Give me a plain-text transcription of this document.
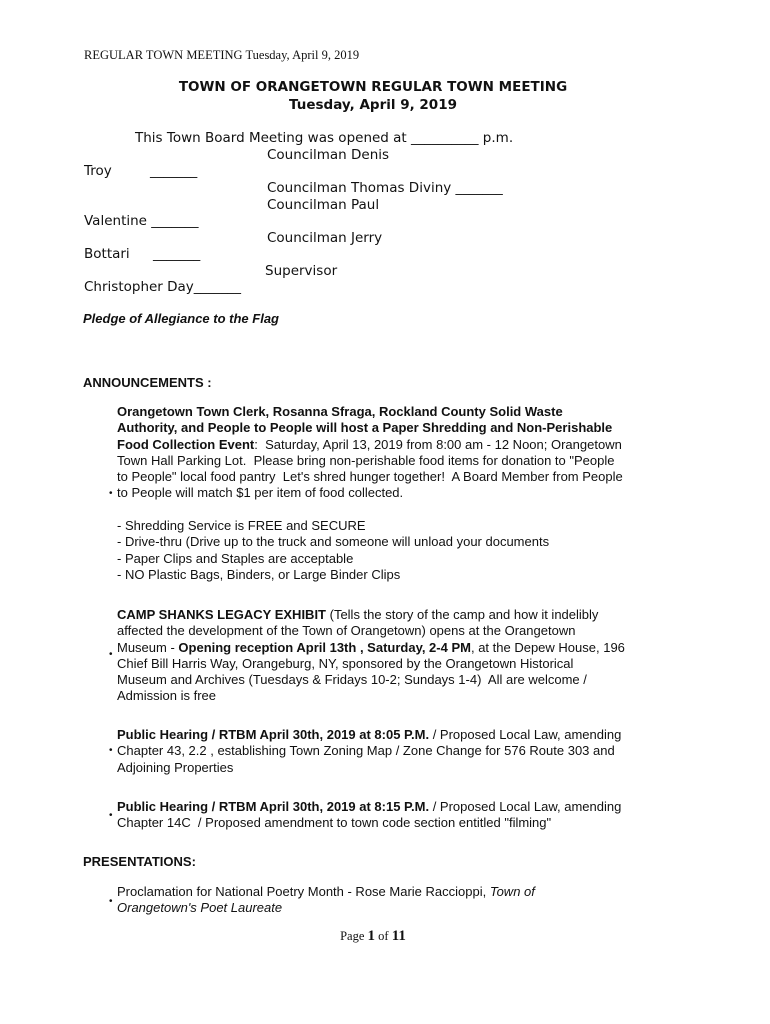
REGULAR TOWN MEETING Tuesday, April 9, 2019
TOWN OF ORANGETOWN REGULAR TOWN MEETING
Tuesday, April 9, 2019
This Town Board Meeting was opened at __________ p.m.
Councilman Denis
Troy	_______
Councilman Thomas Diviny _______
Councilman Paul
Valentine _______
Councilman Jerry
Bottari _______
Supervisor
Christopher Day_______
Pledge of Allegiance to the Flag
ANNOUNCEMENTS :
Orangetown Town Clerk, Rosanna Sfraga, Rockland County Solid Waste
Authority, and People to People will host a Paper Shredding and Non-Perishable
Food Collection Event:  Saturday, April 13, 2019 from 8:00 am - 12 Noon; Orangetown
Town Hall Parking Lot.  Please bring non-perishable food items for donation to "People
to People" local food pantry  Let's shred hunger together!  A Board Member from People
to People will match $1 per item of food collected.
•
- Shredding Service is FREE and SECURE
- Drive-thru (Drive up to the truck and someone will unload your documents
- Paper Clips and Staples are acceptable
- NO Plastic Bags, Binders, or Large Binder Clips
CAMP SHANKS LEGACY EXHIBIT (Tells the story of the camp and how it indelibly
affected the development of the Town of Orangetown) opens at the Orangetown
Museum - Opening reception April 13th , Saturday, 2-4 PM, at the Depew House, 196
Chief Bill Harris Way, Orangeburg, NY, sponsored by the Orangetown Historical
Museum and Archives (Tuesdays & Fridays 10-2; Sundays 1-4)  All are welcome /
Admission is free
•
Public Hearing / RTBM April 30th, 2019 at 8:05 P.M. / Proposed Local Law, amending
Chapter 43, 2.2 , establishing Town Zoning Map / Zone Change for 576 Route 303 and
Adjoining Properties
•
Public Hearing / RTBM April 30th, 2019 at 8:15 P.M. / Proposed Local Law, amending
Chapter 14C  / Proposed amendment to town code section entitled "filming"
•
PRESENTATIONS:
Proclamation for National Poetry Month - Rose Marie Raccioppi, Town of
Orangetown's Poet Laureate
•
Page 1 of 11
